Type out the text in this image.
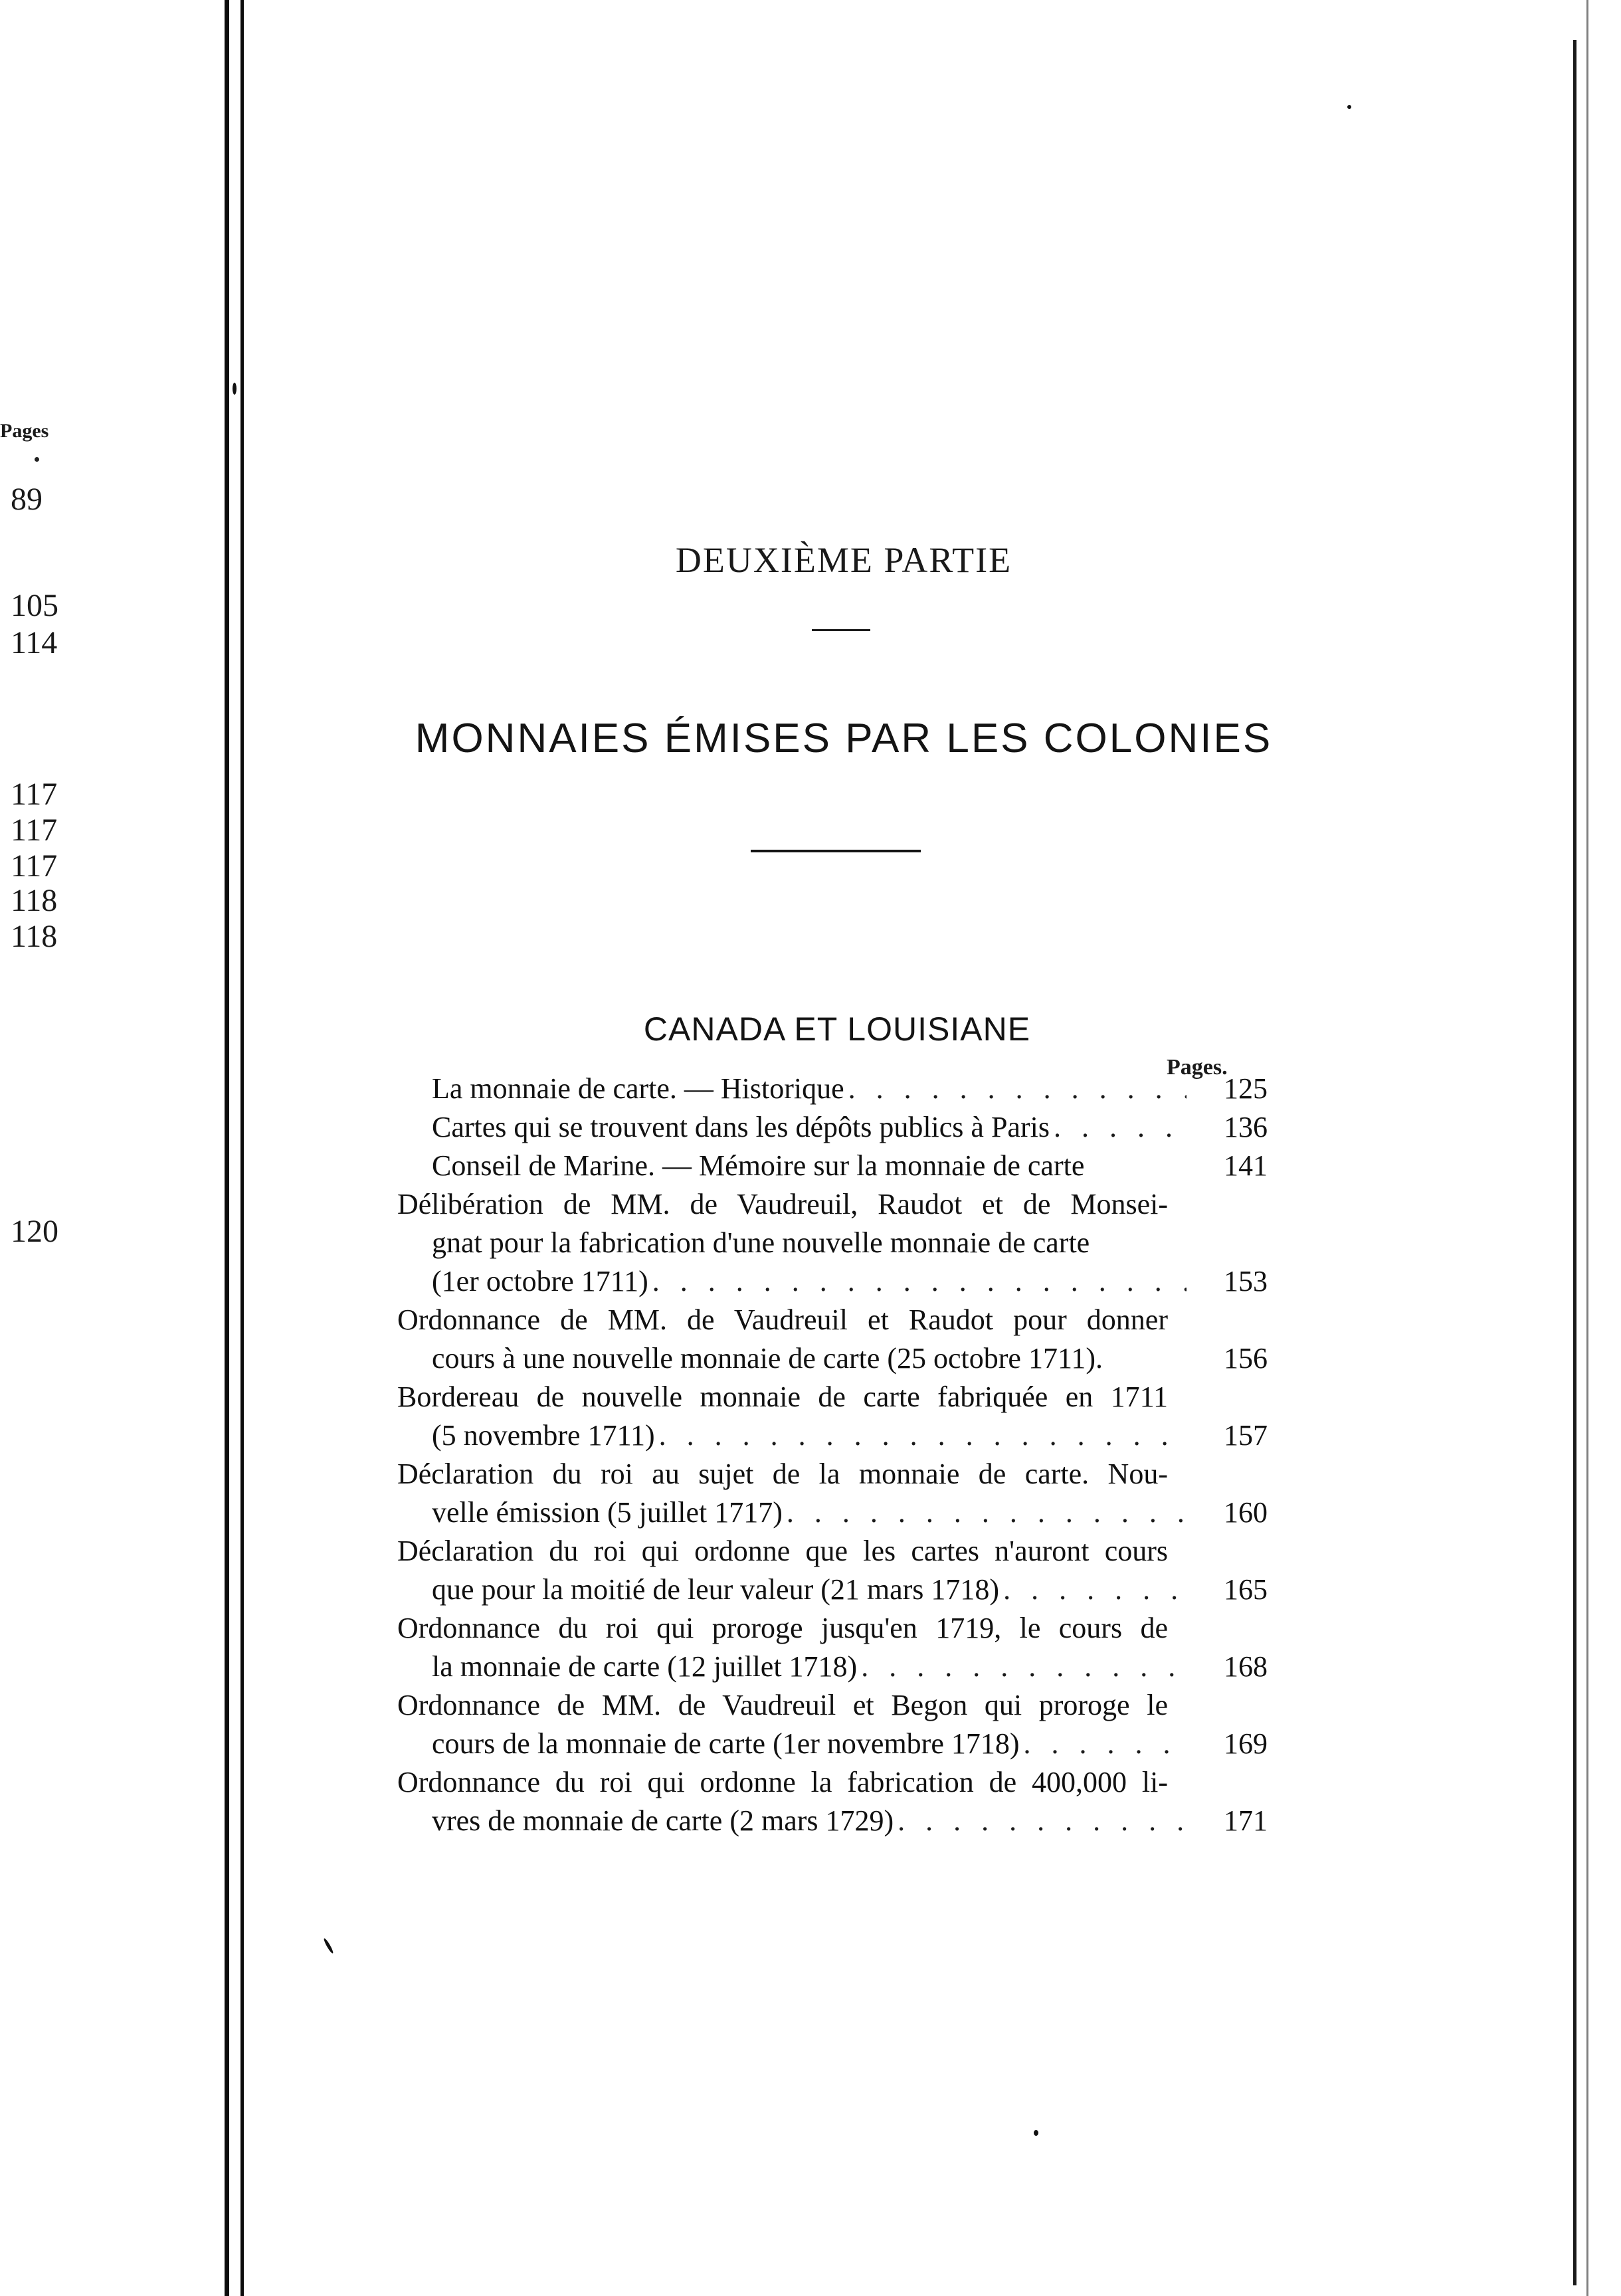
Pages
89
105
114
117
117
117
118
118
120
DEUXIÈME PARTIE
MONNAIES ÉMISES PAR LES COLONIES
CANADA ET LOUISIANE
Pages.
La monnaie de carte. — Historique . . .	125
Cartes qui se trouvent dans les dépôts publics à Paris . . .	136
Conseil de Marine. — Mémoire sur la monnaie de carte	141
Délibération de MM. de Vaudreuil, Raudot et de Monsei-
gnat pour la fabrication d'une nouvelle monnaie de carte
(1er octobre 1711) . . .	153
Ordonnance de MM. de Vaudreuil et Raudot pour donner
cours à une nouvelle monnaie de carte (25 octobre 1711).	156
Bordereau de nouvelle monnaie de carte fabriquée en 1711
(5 novembre 1711) . . .	157
Déclaration du roi au sujet de la monnaie de carte. Nou-
velle émission (5 juillet 1717) . . .	160
Déclaration du roi qui ordonne que les cartes n'auront cours
que pour la moitié de leur valeur (21 mars 1718) . . .	165
Ordonnance du roi qui proroge jusqu'en 1719, le cours de
la monnaie de carte (12 juillet 1718) . . .	168
Ordonnance de MM. de Vaudreuil et Begon qui proroge le
cours de la monnaie de carte (1er novembre 1718) . . .	169
Ordonnance du roi qui ordonne la fabrication de 400,000 li-
vres de monnaie de carte (2 mars 1729) . . .	171
